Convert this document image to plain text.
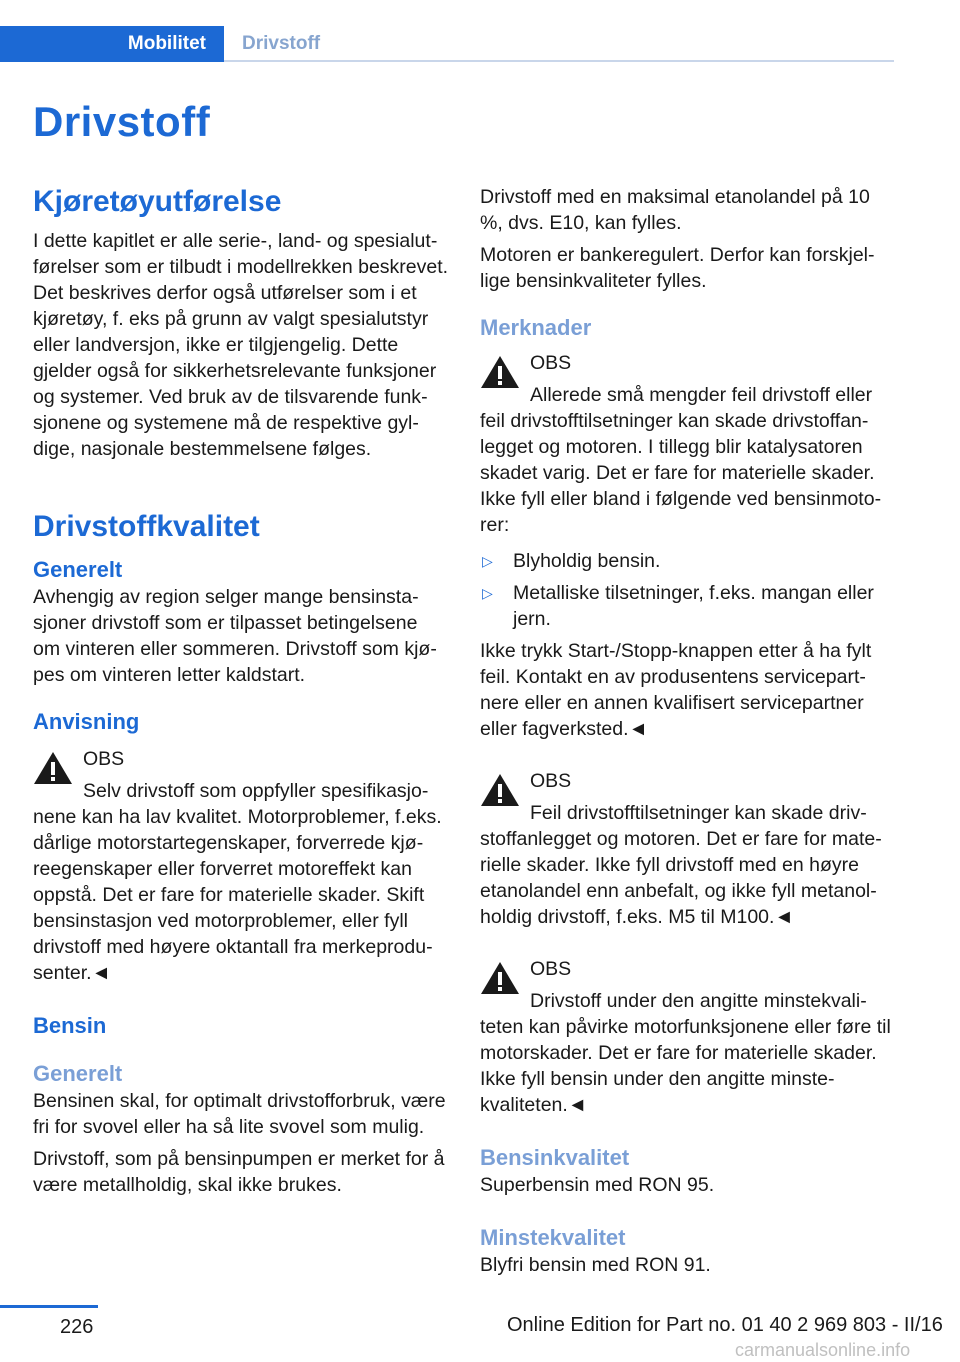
Mobilitet	Drivstoff
Drivstoff
Kjøretøyutførelse
I dette kapitlet er alle serie-, land- og spesialutførelser som er tilbudt i modellrekken beskrevet. Det beskrives derfor også utførelser som i et kjøretøy, f. eks på grunn av valgt spesialutstyr eller landversjon, ikke er tilgjengelig. Dette gjelder også for sikkerhetsrelevante funksjoner og systemer. Ved bruk av de tilsvarende funksjonene og systemene må de respektive gyldige, nasjonale bestemmelsene følges.
Drivstoffkvalitet
Generelt
Avhengig av region selger mange bensinstasjoner drivstoff som er tilpasset betingelsene om vinteren eller sommeren. Drivstoff som kjøpes om vinteren letter kaldstart.
Anvisning
OBS
Selv drivstoff som oppfyller spesifikasjonene kan ha lav kvalitet. Motorproblemer, f.eks. dårlige motorstartegenskaper, forverrede kjøreegenskaper eller forverret motoreffekt kan oppstå. Det er fare for materielle skader. Skift bensinstasjon ved motorproblemer, eller fyll drivstoff med høyere oktantall fra merkeprodusenter.◄
Bensin
Generelt
Bensinen skal, for optimalt drivstofforbruk, være fri for svovel eller ha så lite svovel som mulig.
Drivstoff, som på bensinpumpen er merket for å være metallholdig, skal ikke brukes.
Drivstoff med en maksimal etanolandel på 10 %, dvs. E10, kan fylles.
Motoren er bankeregulert. Derfor kan forskjellige bensinkvaliteter fylles.
Merknader
OBS
Allerede små mengder feil drivstoff eller feil drivstofftilsetninger kan skade drivstoffanlegget og motoren. I tillegg blir katalysatoren skadet varig. Det er fare for materielle skader. Ikke fyll eller bland i følgende ved bensinmotorer:
▷ Blyholdig bensin.
▷ Metalliske tilsetninger, f.eks. mangan eller jern.
Ikke trykk Start-/Stopp-knappen etter å ha fylt feil. Kontakt en av produsentens servicepartnere eller en annen kvalifisert servicepartner eller fagverksted.◄
OBS
Feil drivstofftilsetninger kan skade drivstoffanlegget og motoren. Det er fare for materielle skader. Ikke fyll drivstoff med en høyre etanolandel enn anbefalt, og ikke fyll metanolholdig drivstoff, f.eks. M5 til M100.◄
OBS
Drivstoff under den angitte minstekvaliteten kan påvirke motorfunksjonene eller føre til motorskader. Det er fare for materielle skader. Ikke fyll bensin under den angitte minstekvaliteten.◄
Bensinkvalitet
Superbensin med RON 95.
Minstekvalitet
Blyfri bensin med RON 91.
226	Online Edition for Part no. 01 40 2 969 803 - II/16
carmanualsonline.info
